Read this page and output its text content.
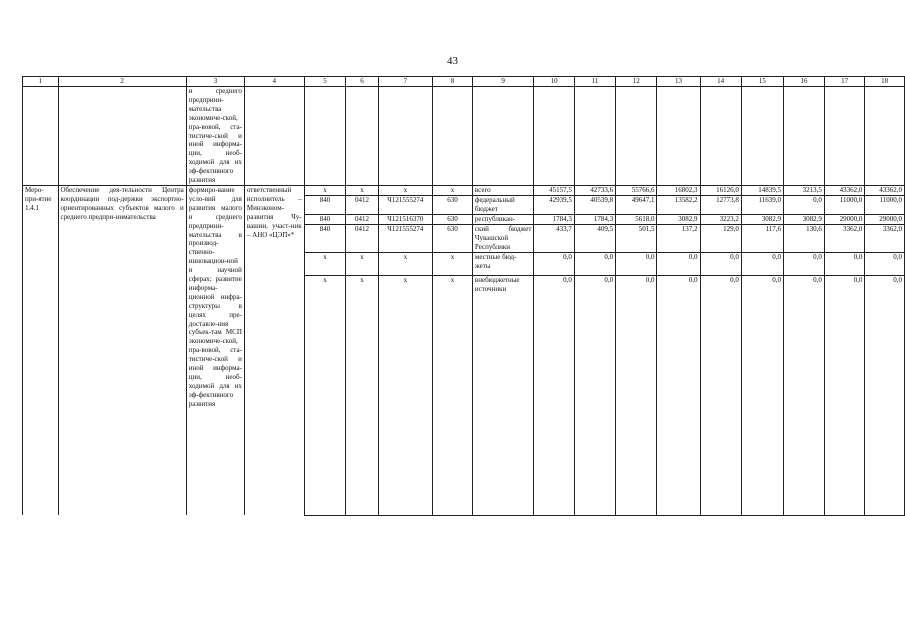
43
1	2	3	4	5	6	7	8	9	10	11	12	13	14	15	16	17	18
		и среднего предприни-мательства экономиче-ской, пра-вовой, ста-тистиче-ской и иной информа-ции, необ-ходимой для их эф-фективного развития															
Меро-при-ятие 1.4.1	Обеспечение дея-тельности Центра координации под-держки экспортно-ориентированных субъектов малого и среднего предпри-нимательства	формиро-вание усло-вий для развития малого и среднего предприни-мательства в производ-ственно-инновацион-ной и научной сферах; развитие информа-ционной инфра-структуры в целях пре-доставле-ния субъек-там МСП экономиче-ской, пра-вовой, ста-тистиче-ской и иной информа-ции, необ-ходимой для их эф-фективного развития	ответственный исполнитель – Минэконом-развития Чу-вашии, участ-ник – АНО «ЦЭП»*	x	x	x	x	всего	45157,5	42733,6	55766,6	16802,3	16126,0	14839,5	3213,5	43362,0	43362,0
				840	0412	Ч121555274	630	федеральный бюджет	42939,5	40539,8	49647,1	13582,2	12773,8	11639,0	0,0	11000,0	11000,0
				840	0412	Ч121516370	630	республикан-	1784,3	1784,3	5618,0	3082,9	3223,2	3082,9	3082,9	29000,0	29000,0
				840	0412	Ч121555274	630	ский бюджет Чувашской Республики	433,7	409,5	501,5	137,2	129,0	117,6	130,6	3362,0	3362,0
				x	x	x	x	местные бюд-жеты	0,0	0,0	0,0	0,0	0,0	0,0	0,0	0,0	0,0
				x	x	x	x	внебюджетные источники	0,0	0,0	0,0	0,0	0,0	0,0	0,0	0,0	0,0
